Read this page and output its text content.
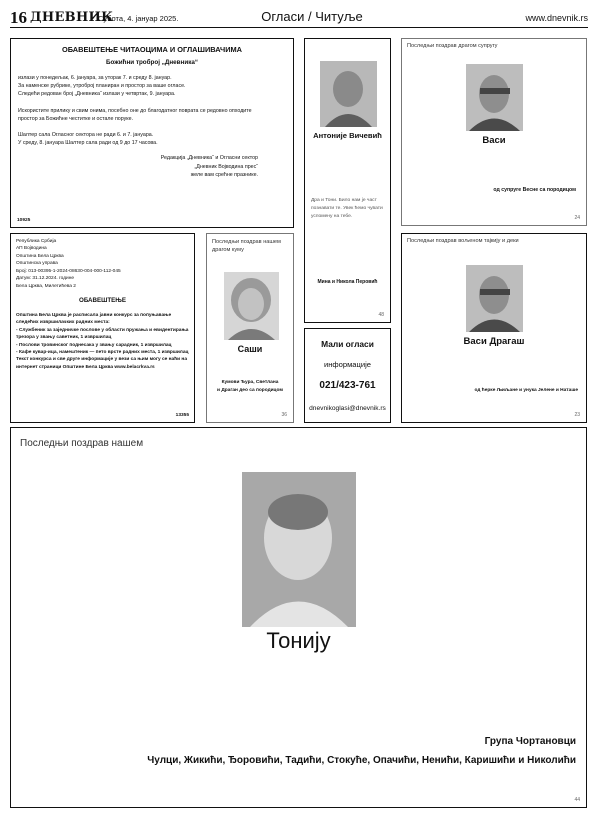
16 ДНЕВНИК
Субота, 4. јануар 2025.	Огласи / Читуље	www.dnevnik.rs
ОБАВЕШТЕЊЕ ЧИТАОЦИМА И ОГЛАШИВАЧИМА
Божићни тробрoj „Дневника“
излази у понедељак, 6. јануара, за уторак 7. и среду 8. јануар.
За наменске рубрике, утробрoj планиран и простор за ваше огласе.
Следећи редован број „Дневника“ излази у четвртак, 9. јануара.
Искористите прилику и свим онима, посебно оне до благодатног поврата се редовно опходите
простор за Божићне честитке и осталe поруке.
Шалтер сала Огласног сектора не ради 6. и 7. јануара.
У среду, 8. јануара Шалтер сала ради од 9 до 17 часова.
Редакција „Дневника“ и Огласни сектор
„Дневник Војводина прес“
желе вам срећне празнике.
10925
Антоније Вичевић
Дра и Тони. Било нам је част познавати те. Увек ћемо чувати успомену на тебе.
Мина и Никола Перовић
48
Последњи поздрав драгом супругу
Васи
од супруге Весне са породицом
24
Република Србија
АП Војводина
Општина Бела Црква
Општинска управа
Број: 013-00395-1-2024-08630-004-000-112-045
Датум: 31.12.2024. године
Бела Црква, Милетићева 2
ОБАВЕШТЕЊЕ
Општина Бела Црква је расписала јавни конкурс за попуњавање следећих извршилачких радних места:
- Службеник за заједничке послове у области пружања и евидентирања трезора у звању саветник, 1 извршилац
- Послови тровинског поднесака у звању сарадник, 1 извршилац
- Кафе кувар-ица, намештеник — пето врсте радних места, 1 извршилац
Текст конкурса и све друге информације у вези са њим могу се наћи на интернет страници Општине Бела Црква www.belacrkva.rs
13355
Последњи поздрав нашем драгом куму
Саши
Кумови Ђура, Светлана
и Драган део са породицом
36
Мали огласи
информације
021/423-761
dnevnikoglasi@dnevnik.rs
Последњи поздрав вољеном тајкију и деки
Васи Драгаш
од ћерке Љиљане и унука Јелене и Наташе
23
Последњи поздрав нашем
Тонију
Група Чортановци
Чулци, Жикићи, Ђоровићи, Тадићи, Стокуће, Опачићи, Ненићи, Каришићи и Николићи
44
